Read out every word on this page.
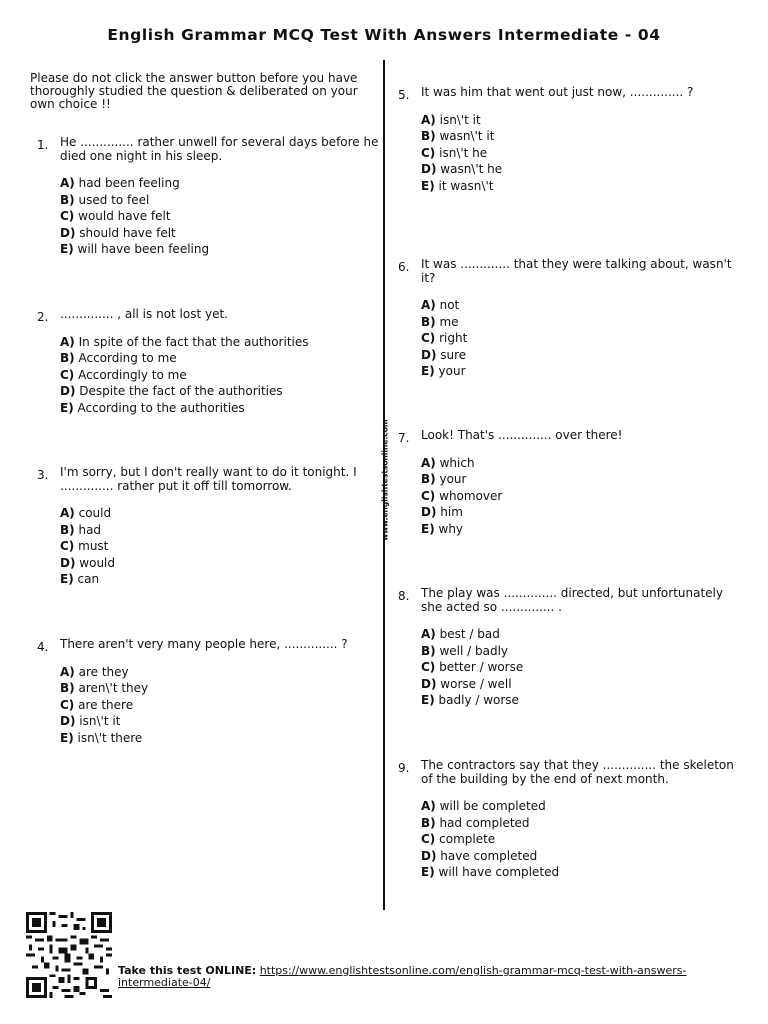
English Grammar MCQ Test With Answers Intermediate - 04
www.englishtestsonline.com
Please do not click the answer button before you have thoroughly studied the question & deliberated on your own choice !!
1. He .............. rather unwell for several days before he died one night in his sleep.
A) had been feeling
B) used to feel
C) would have felt
D) should have felt
E) will have been feeling
2. .............. , all is not lost yet.
A) In spite of the fact that the authorities
B) According to me
C) Accordingly to me
D) Despite the fact of the authorities
E) According to the authorities
3. I'm sorry, but I don't really want to do it tonight. I .............. rather put it off till tomorrow.
A) could
B) had
C) must
D) would
E) can
4. There aren't very many people here, .............. ?
A) are they
B) aren\'t they
C) are there
D) isn\'t it
E) isn\'t there
5. It was him that went out just now, .............. ?
A) isn\'t it
B) wasn\'t it
C) isn\'t he
D) wasn\'t he
E) it wasn\'t
6. It was ............. that they were talking about, wasn't it?
A) not
B) me
C) right
D) sure
E) your
7. Look! That's .............. over there!
A) which
B) your
C) whomover
D) him
E) why
8. The play was .............. directed, but unfortunately she acted so .............. .
A) best / bad
B) well / badly
C) better / worse
D) worse / well
E) badly / worse
9. The contractors say that they .............. the skeleton of the building by the end of next month.
A) will be completed
B) had completed
C) complete
D) have completed
E) will have completed
Take this test ONLINE: https://www.englishtestsonline.com/english-grammar-mcq-test-with-answers-intermediate-04/
